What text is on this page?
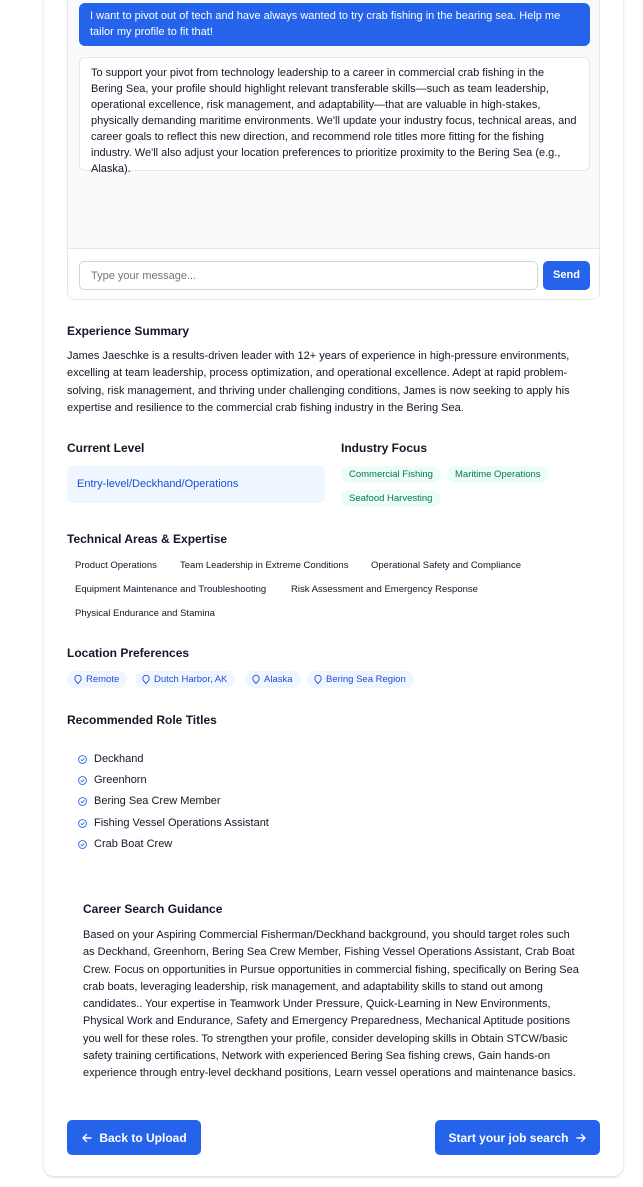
I want to pivot out of tech and have always wanted to try crab fishing in the bearing sea. Help me tailor my profile to fit that!
To support your pivot from technology leadership to a career in commercial crab fishing in the Bering Sea, your profile should highlight relevant transferable skills—such as team leadership, operational excellence, risk management, and adaptability—that are valuable in high-stakes, physically demanding maritime environments. We'll update your industry focus, technical areas, and career goals to reflect this new direction, and recommend role titles more fitting for the fishing industry. We'll also adjust your location preferences to prioritize proximity to the Bering Sea (e.g., Alaska).
Type your message...
Send
Experience Summary
James Jaeschke is a results-driven leader with 12+ years of experience in high-pressure environments, excelling at team leadership, process optimization, and operational excellence. Adept at rapid problem-solving, risk management, and thriving under challenging conditions, James is now seeking to apply his expertise and resilience to the commercial crab fishing industry in the Bering Sea.
Current Level
Entry-level/Deckhand/Operations
Industry Focus
Commercial Fishing	Maritime Operations
Seafood Harvesting
Technical Areas & Expertise
Product Operations	Team Leadership in Extreme Conditions	Operational Safety and Compliance
Equipment Maintenance and Troubleshooting	Risk Assessment and Emergency Response
Physical Endurance and Stamina
Location Preferences
Remote	Dutch Harbor, AK	Alaska	Bering Sea Region
Recommended Role Titles
Deckhand
Greenhorn
Bering Sea Crew Member
Fishing Vessel Operations Assistant
Crab Boat Crew
Career Search Guidance
Based on your Aspiring Commercial Fisherman/Deckhand background, you should target roles such as Deckhand, Greenhorn, Bering Sea Crew Member, Fishing Vessel Operations Assistant, Crab Boat Crew. Focus on opportunities in Pursue opportunities in commercial fishing, specifically on Bering Sea crab boats, leveraging leadership, risk management, and adaptability skills to stand out among candidates.. Your expertise in Teamwork Under Pressure, Quick-Learning in New Environments, Physical Work and Endurance, Safety and Emergency Preparedness, Mechanical Aptitude positions you well for these roles. To strengthen your profile, consider developing skills in Obtain STCW/basic safety training certifications, Network with experienced Bering Sea fishing crews, Gain hands-on experience through entry-level deckhand positions, Learn vessel operations and maintenance basics.
Back to Upload	Start your job search
